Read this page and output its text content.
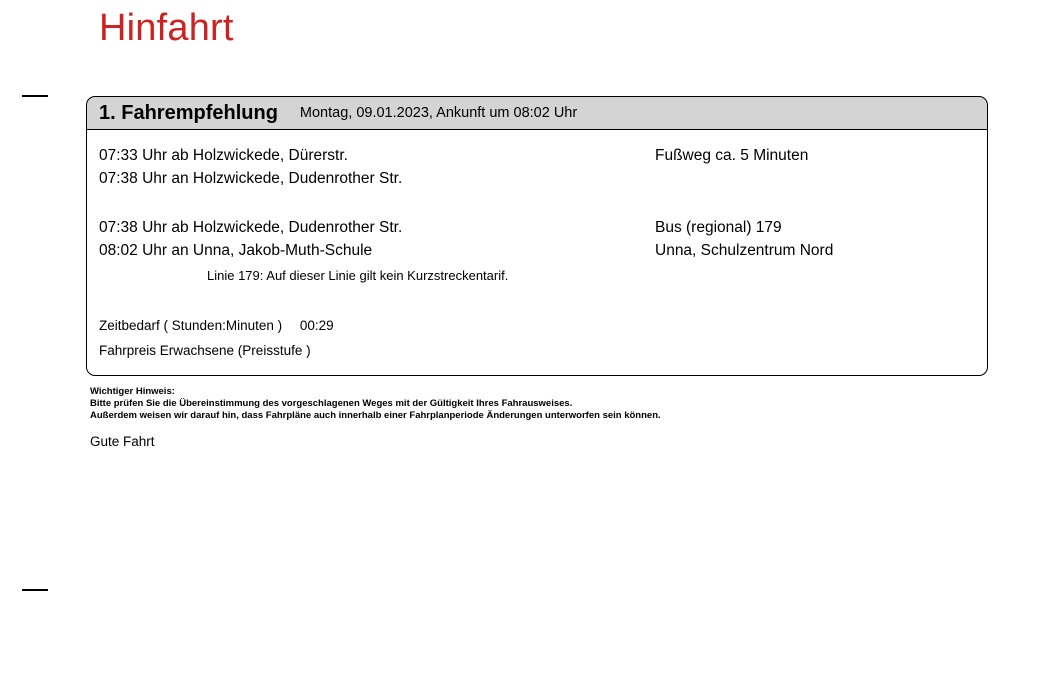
Hinfahrt
1. Fahrempfehlung Montag, 09.01.2023, Ankunft um 08:02 Uhr
07:33 Uhr ab Holzwickede, Dürerstr.	Fußweg ca. 5 Minuten
07:38 Uhr an Holzwickede, Dudenrother Str.
07:38 Uhr ab Holzwickede, Dudenrother Str.	Bus (regional) 179
08:02 Uhr an Unna, Jakob-Muth-Schule	Unna, Schulzentrum Nord
Linie 179: Auf dieser Linie gilt kein Kurzstreckentarif.
Zeitbedarf ( Stunden:Minuten ) 00:29
Fahrpreis Erwachsene (Preisstufe )
Wichtiger Hinweis:
Bitte prüfen Sie die Übereinstimmung des vorgeschlagenen Weges mit der Gültigkeit Ihres Fahrausweises.
Außerdem weisen wir darauf hin, dass Fahrpläne auch innerhalb einer Fahrplanperiode Änderungen unterworfen sein können.
Gute Fahrt
